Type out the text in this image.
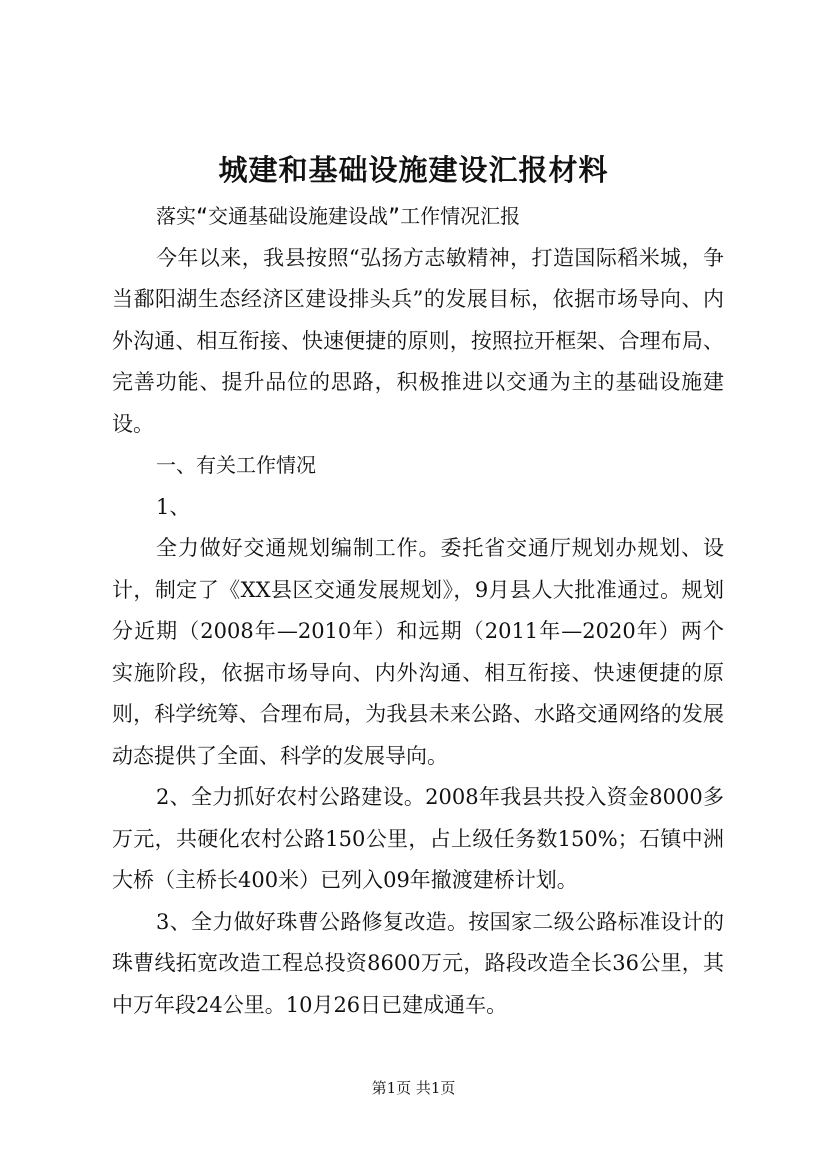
城建和基础设施建设汇报材料

落实“交通基础设施建设战”工作情况汇报

今年以来，我县按照“弘扬方志敏精神，打造国际稻米城，争当鄱阳湖生态经济区建设排头兵”的发展目标，依据市场导向、内外沟通、相互衔接、快速便捷的原则，按照拉开框架、合理布局、完善功能、提升品位的思路，积极推进以交通为主的基础设施建设。

一、有关工作情况

1、

全力做好交通规划编制工作。委托省交通厅规划办规划、设计，制定了《XX县区交通发展规划》，9月县人大批准通过。规划分近期（2008年—2010年）和远期（2011年—2020年）两个实施阶段，依据市场导向、内外沟通、相互衔接、快速便捷的原则，科学统筹、合理布局，为我县未来公路、水路交通网络的发展动态提供了全面、科学的发展导向。

2、全力抓好农村公路建设。2008年我县共投入资金8000多万元，共硬化农村公路150公里，占上级任务数150%；石镇中洲大桥（主桥长400米）已列入09年撤渡建桥计划。

3、全力做好珠曹公路修复改造。按国家二级公路标准设计的珠曹线拓宽改造工程总投资8600万元，路段改造全长36公里，其中万年段24公里。10月26日已建成通车。

第1页 共1页
